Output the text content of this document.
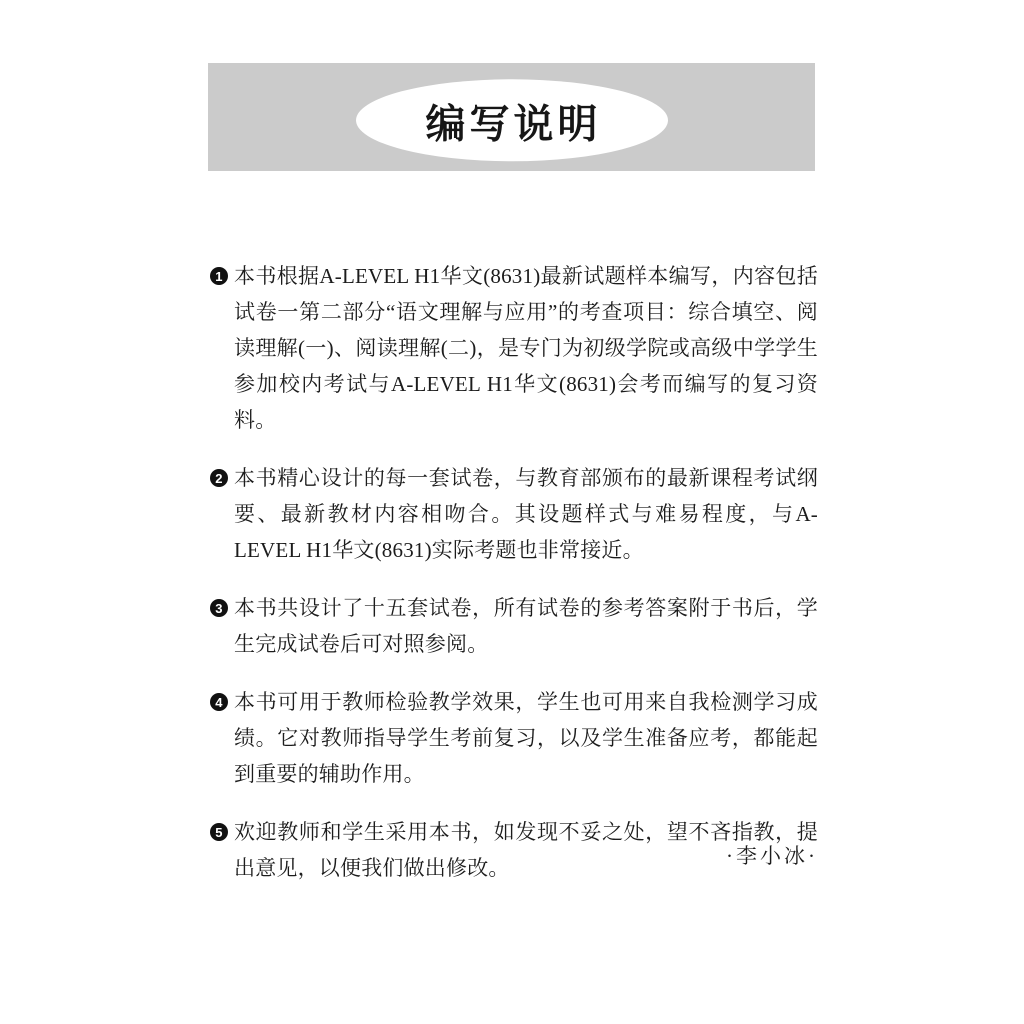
编写说明
1 本书根据A-LEVEL H1华文(8631)最新试题样本编写，内容包括试卷一第二部分“语文理解与应用”的考查项目：综合填空、阅读理解(一)、阅读理解(二)，是专门为初级学院或高级中学学生参加校内考试与A-LEVEL H1华文(8631)会考而编写的复习资料。
2 本书精心设计的每一套试卷，与教育部颁布的最新课程考试纲要、最新教材内容相吻合。其设题样式与难易程度，与A-LEVEL H1华文(8631)实际考题也非常接近。
3 本书共设计了十五套试卷，所有试卷的参考答案附于书后，学生完成试卷后可对照参阅。
4 本书可用于教师检验教学效果，学生也可用来自我检测学习成绩。它对教师指导学生考前复习，以及学生准备应考，都能起到重要的辅助作用。
5 欢迎教师和学生采用本书，如发现不妥之处，望不吝指教，提出意见，以便我们做出修改。	·李小冰·
